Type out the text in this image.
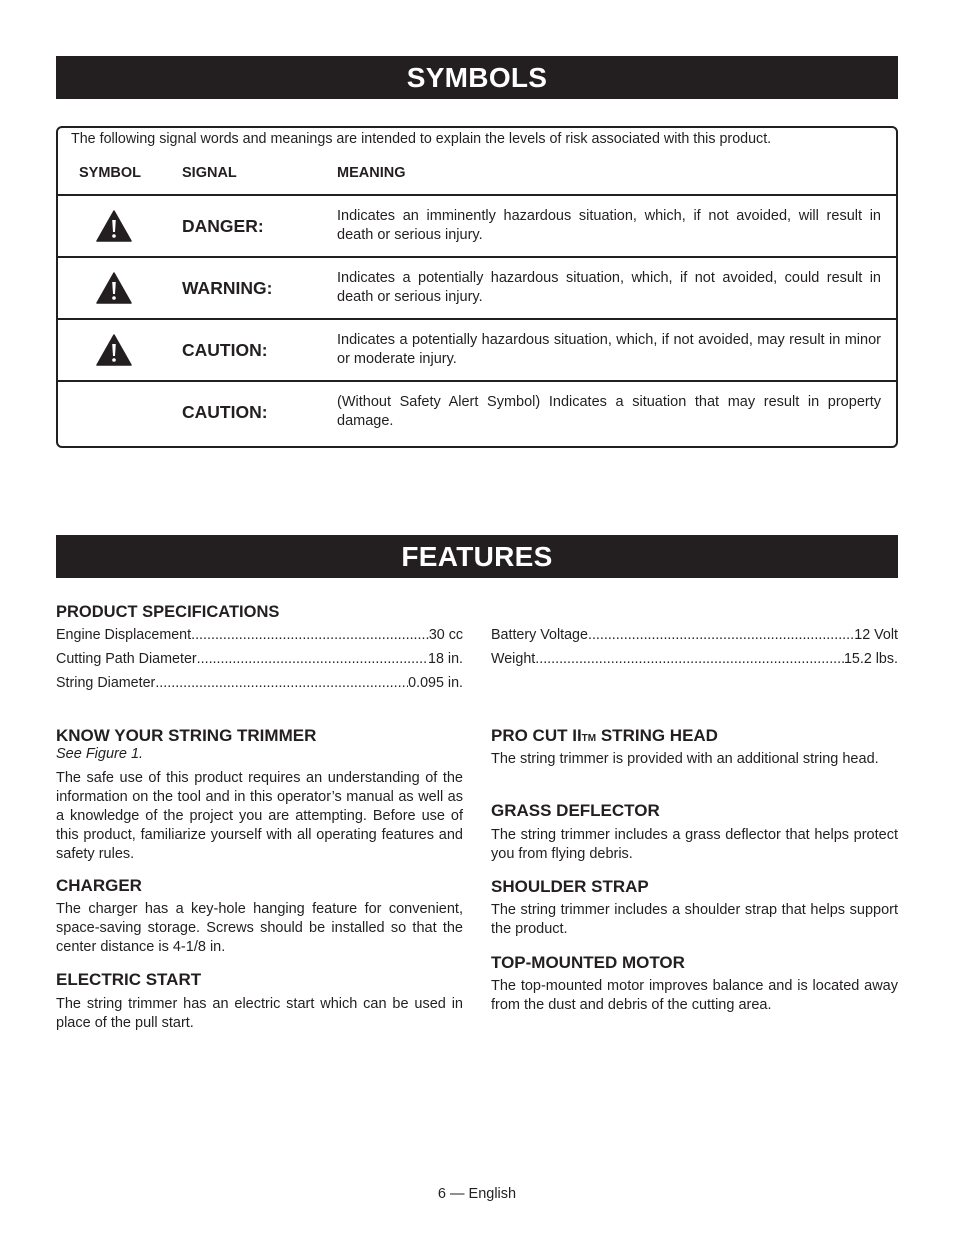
SYMBOLS
The following signal words and meanings are intended to explain the levels of risk associated with this product.
SYMBOL	SIGNAL	MEANING
DANGER:	Indicates an imminently hazardous situation, which, if not avoided, will result in death or serious injury.
WARNING:	Indicates a potentially hazardous situation, which, if not avoided, could result in death or serious injury.
CAUTION:	Indicates a potentially hazardous situation, which, if not avoided, may result in minor or moderate injury.
CAUTION:	(Without Safety Alert Symbol) Indicates a situation that may result in property damage.
FEATURES
PRODUCT SPECIFICATIONS
Engine Displacement .....	30 cc
Cutting Path Diameter .....	18 in.
String Diameter .....	0.095 in.
Battery Voltage .....	12 Volt
Weight .....	15.2 lbs.
KNOW YOUR STRING TRIMMER
See Figure 1.
The safe use of this product requires an understanding of the information on the tool and in this operator’s manual as well as a knowledge of the project you are attempting. Before use of this product, familiarize yourself with all operating features and safety rules.
CHARGER
The charger has a key-hole hanging feature for convenient, space-saving storage. Screws should be installed so that the center distance is 4-1/8 in.
ELECTRIC START
The string trimmer has an electric start which can be used in place of the pull start.
PRO CUT IITM STRING HEAD
The string trimmer is provided with an additional string head.
GRASS DEFLECTOR
The string trimmer includes a grass deflector that helps protect you from flying debris.
SHOULDER STRAP
The string trimmer includes a shoulder strap that helps support the product.
TOP-MOUNTED MOTOR
The top-mounted motor improves balance and is located away from the dust and debris of the cutting area.
6 — English
